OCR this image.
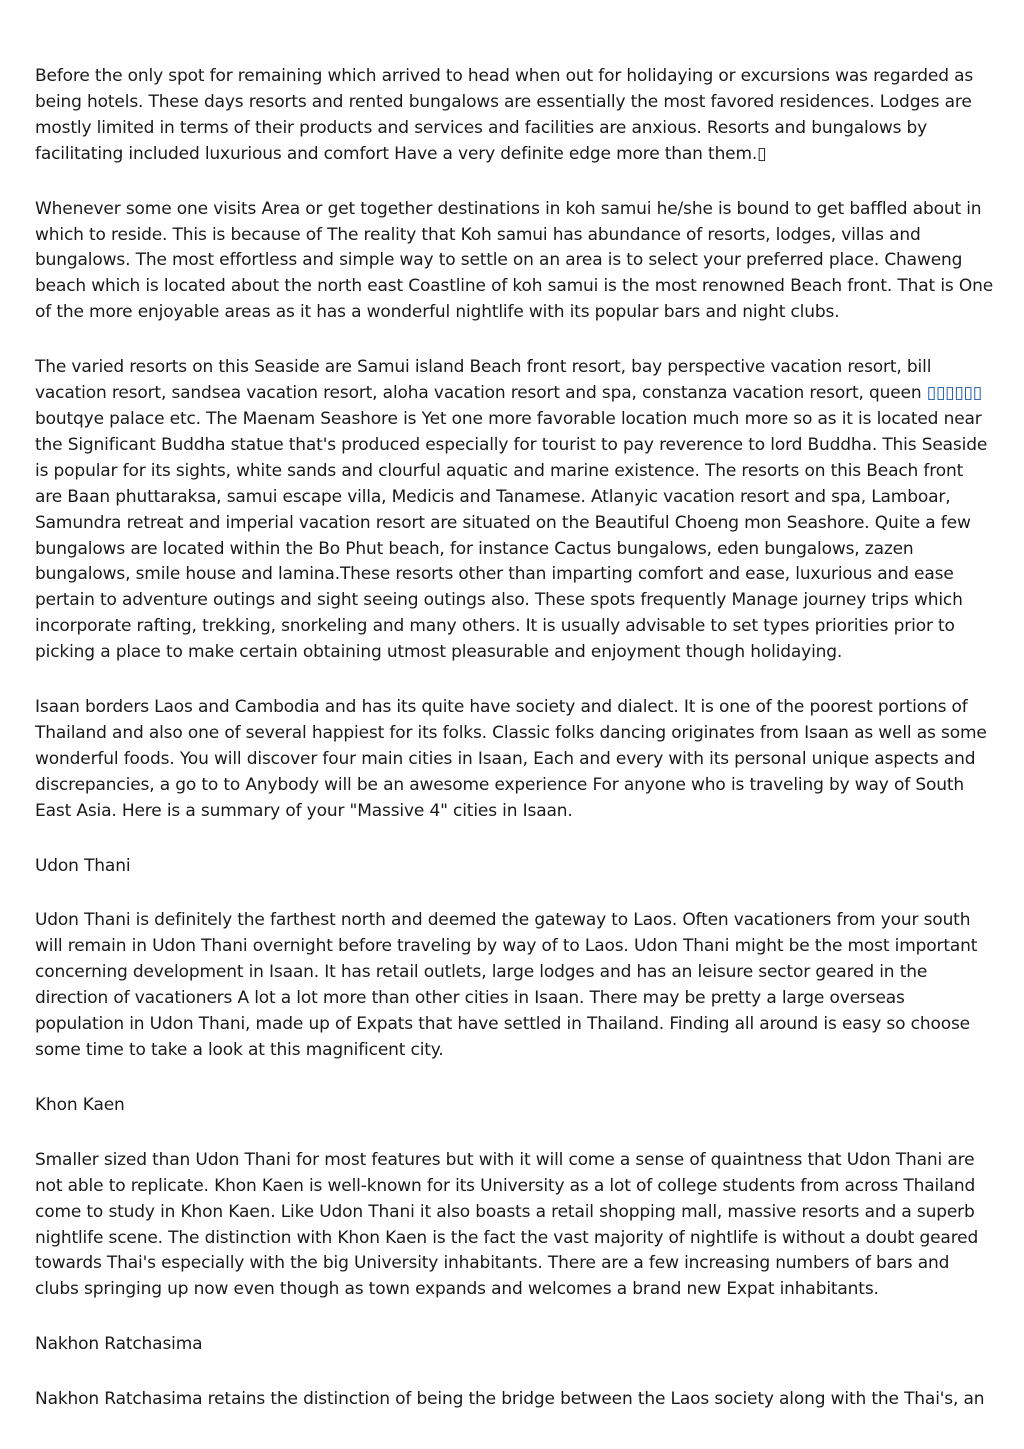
Before the only spot for remaining which arrived to head when out for holidaying or excursions was regarded as being hotels. These days resorts and rented bungalows are essentially the most favored residences. Lodges are mostly limited in terms of their products and services and facilities are anxious. Resorts and bungalows by facilitating included luxurious and comfort Have a very definite edge more than them.▯

Whenever some one visits Area or get together destinations in koh samui he/she is bound to get baffled about in which to reside. This is because of The reality that Koh samui has abundance of resorts, lodges, villas and bungalows. The most effortless and simple way to settle on an area is to select your preferred place. Chaweng beach which is located about the north east Coastline of koh samui is the most renowned Beach front. That is One of the more enjoyable areas as it has a wonderful nightlife with its popular bars and night clubs.

The varied resorts on this Seaside are Samui island Beach front resort, bay perspective vacation resort, bill vacation resort, sandsea vacation resort, aloha vacation resort and spa, constanza vacation resort, queen ▯▯▯▯▯▯ boutqye palace etc. The Maenam Seashore is Yet one more favorable location much more so as it is located near the Significant Buddha statue that's produced especially for tourist to pay reverence to lord Buddha. This Seaside is popular for its sights, white sands and clourful aquatic and marine existence. The resorts on this Beach front are Baan phuttaraksa, samui escape villa, Medicis and Tanamese. Atlanyic vacation resort and spa, Lamboar, Samundra retreat and imperial vacation resort are situated on the Beautiful Choeng mon Seashore. Quite a few bungalows are located within the Bo Phut beach, for instance Cactus bungalows, eden bungalows, zazen bungalows, smile house and lamina.These resorts other than imparting comfort and ease, luxurious and ease pertain to adventure outings and sight seeing outings also. These spots frequently Manage journey trips which incorporate rafting, trekking, snorkeling and many others. It is usually advisable to set types priorities prior to picking a place to make certain obtaining utmost pleasurable and enjoyment though holidaying.

Isaan borders Laos and Cambodia and has its quite have society and dialect. It is one of the poorest portions of Thailand and also one of several happiest for its folks. Classic folks dancing originates from Isaan as well as some wonderful foods. You will discover four main cities in Isaan, Each and every with its personal unique aspects and discrepancies, a go to to Anybody will be an awesome experience For anyone who is traveling by way of South East Asia. Here is a summary of your "Massive 4" cities in Isaan.

Udon Thani

Udon Thani is definitely the farthest north and deemed the gateway to Laos. Often vacationers from your south will remain in Udon Thani overnight before traveling by way of to Laos. Udon Thani might be the most important concerning development in Isaan. It has retail outlets, large lodges and has an leisure sector geared in the direction of vacationers A lot a lot more than other cities in Isaan. There may be pretty a large overseas population in Udon Thani, made up of Expats that have settled in Thailand. Finding all around is easy so choose some time to take a look at this magnificent city.

Khon Kaen

Smaller sized than Udon Thani for most features but with it will come a sense of quaintness that Udon Thani are not able to replicate. Khon Kaen is well-known for its University as a lot of college students from across Thailand come to study in Khon Kaen. Like Udon Thani it also boasts a retail shopping mall, massive resorts and a superb nightlife scene. The distinction with Khon Kaen is the fact the vast majority of nightlife is without a doubt geared towards Thai's especially with the big University inhabitants. There are a few increasing numbers of bars and clubs springing up now even though as town expands and welcomes a brand new Expat inhabitants.

Nakhon Ratchasima

Nakhon Ratchasima retains the distinction of being the bridge between the Laos society along with the Thai's, an
